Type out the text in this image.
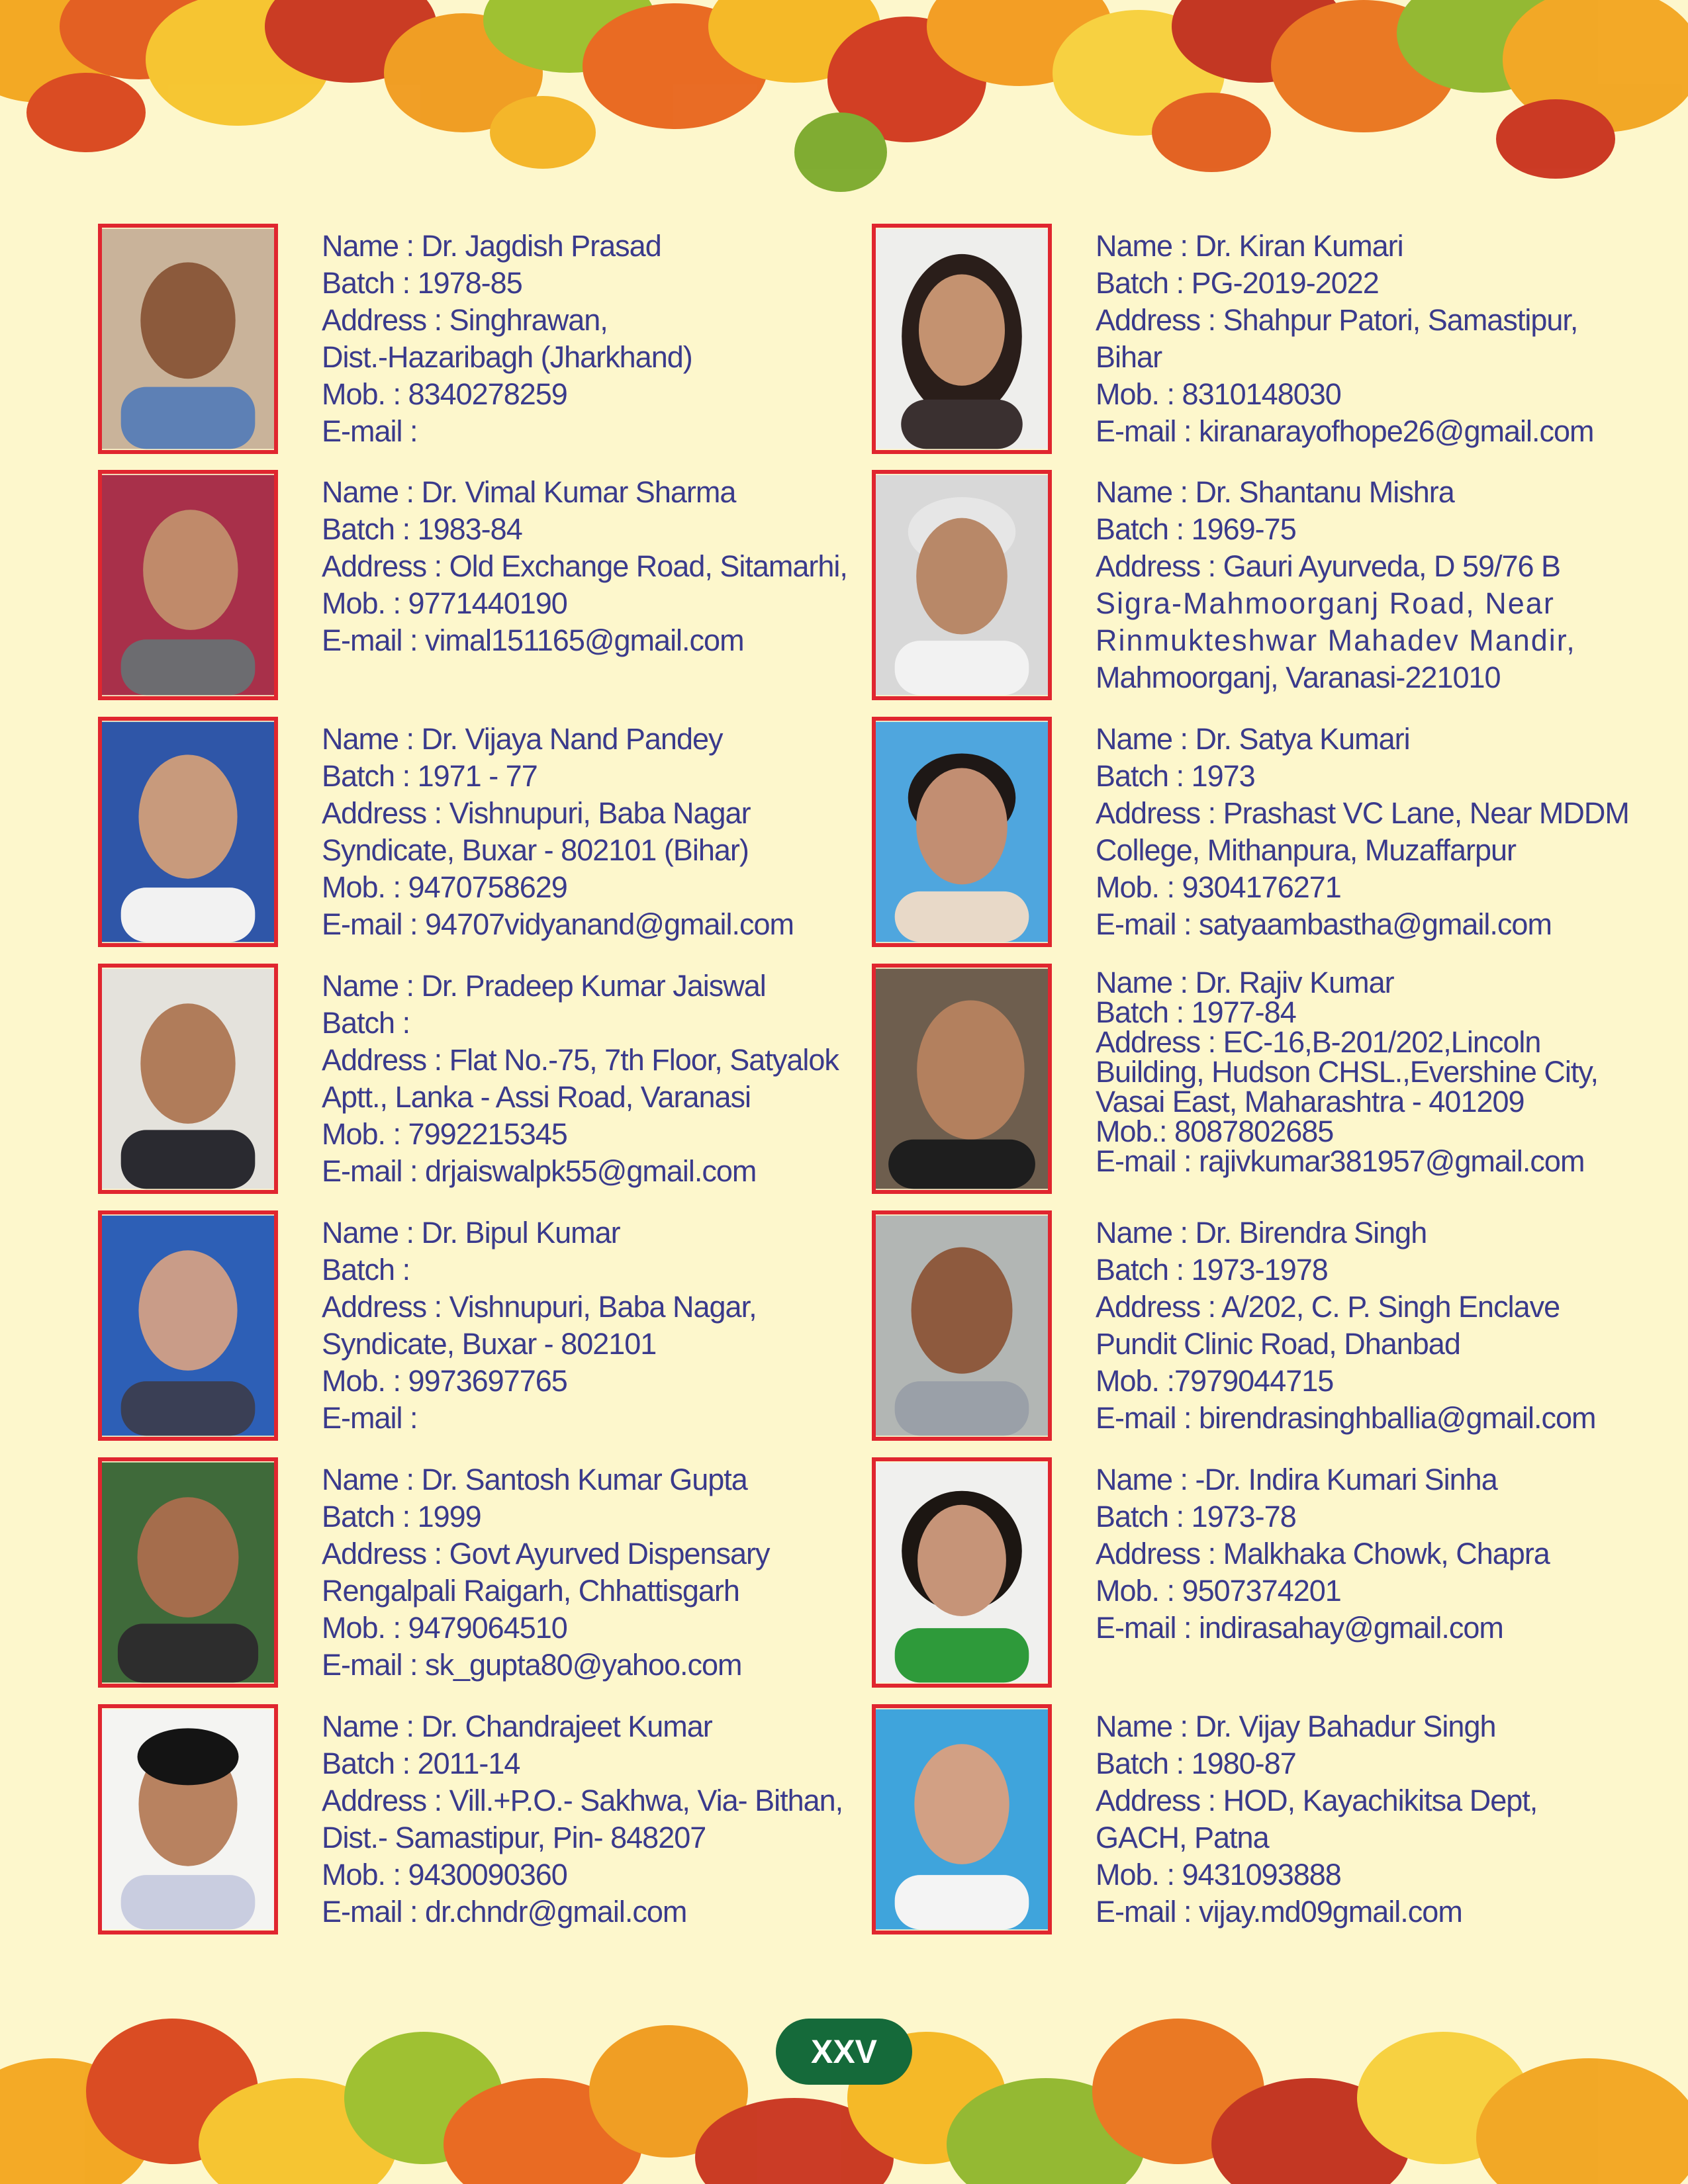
Name : Dr. Jagdish Prasad
Batch : 1978-85
Address : Singhrawan,
Dist.-Hazaribagh (Jharkhand)
Mob. : 8340278259
E-mail :
Name : Dr. Vimal Kumar Sharma
Batch : 1983-84
Address : Old Exchange Road, Sitamarhi,
Mob. : 9771440190
E-mail : vimal151165@gmail.com
Name : Dr. Vijaya Nand Pandey
Batch : 1971 - 77
Address : Vishnupuri, Baba Nagar
Syndicate, Buxar - 802101 (Bihar)
Mob. : 9470758629
E-mail : 94707vidyanand@gmail.com
Name : Dr. Pradeep Kumar Jaiswal
Batch :
Address : Flat No.-75, 7th Floor, Satyalok
Aptt., Lanka - Assi Road, Varanasi
Mob. : 7992215345
E-mail : drjaiswalpk55@gmail.com
Name : Dr. Bipul Kumar
Batch :
Address : Vishnupuri, Baba Nagar,
Syndicate, Buxar - 802101
Mob. : 9973697765
E-mail :
Name : Dr. Santosh Kumar Gupta
Batch : 1999
Address : Govt Ayurved Dispensary
Rengalpali Raigarh, Chhattisgarh
Mob. : 9479064510
E-mail : sk_gupta80@yahoo.com
Name : Dr. Chandrajeet Kumar
Batch : 2011-14
Address : Vill.+P.O.- Sakhwa, Via- Bithan,
Dist.- Samastipur, Pin- 848207
Mob. : 9430090360
E-mail : dr.chndr@gmail.com
Name : Dr. Kiran Kumari
Batch : PG-2019-2022
Address : Shahpur Patori, Samastipur,
Bihar
Mob. : 8310148030
E-mail : kiranarayofhope26@gmail.com
Name : Dr. Shantanu Mishra
Batch : 1969-75
Address : Gauri Ayurveda, D 59/76 B
Sigra-Mahmoorganj Road, Near
Rinmukteshwar Mahadev Mandir,
Mahmoorganj, Varanasi-221010
Name : Dr. Satya Kumari
Batch : 1973
Address : Prashast VC Lane, Near MDDM
College, Mithanpura, Muzaffarpur
Mob. : 9304176271
E-mail : satyaambastha@gmail.com
Name : Dr. Rajiv Kumar
Batch : 1977-84
Address : EC-16,B-201/202,Lincoln
Building, Hudson CHSL.,Evershine City,
Vasai East, Maharashtra - 401209
Mob.: 8087802685
E-mail : rajivkumar381957@gmail.com
Name : Dr. Birendra Singh
Batch : 1973-1978
Address : A/202, C. P. Singh Enclave
Pundit Clinic Road, Dhanbad
Mob. :7979044715
E-mail : birendrasinghballia@gmail.com
Name : -Dr. Indira Kumari Sinha
Batch : 1973-78
Address : Malkhaka Chowk, Chapra
Mob. : 9507374201
E-mail : indirasahay@gmail.com
Name : Dr. Vijay Bahadur Singh
Batch : 1980-87
Address : HOD, Kayachikitsa Dept,
GACH, Patna
Mob. : 9431093888
E-mail : vijay.md09gmail.com
XXV
